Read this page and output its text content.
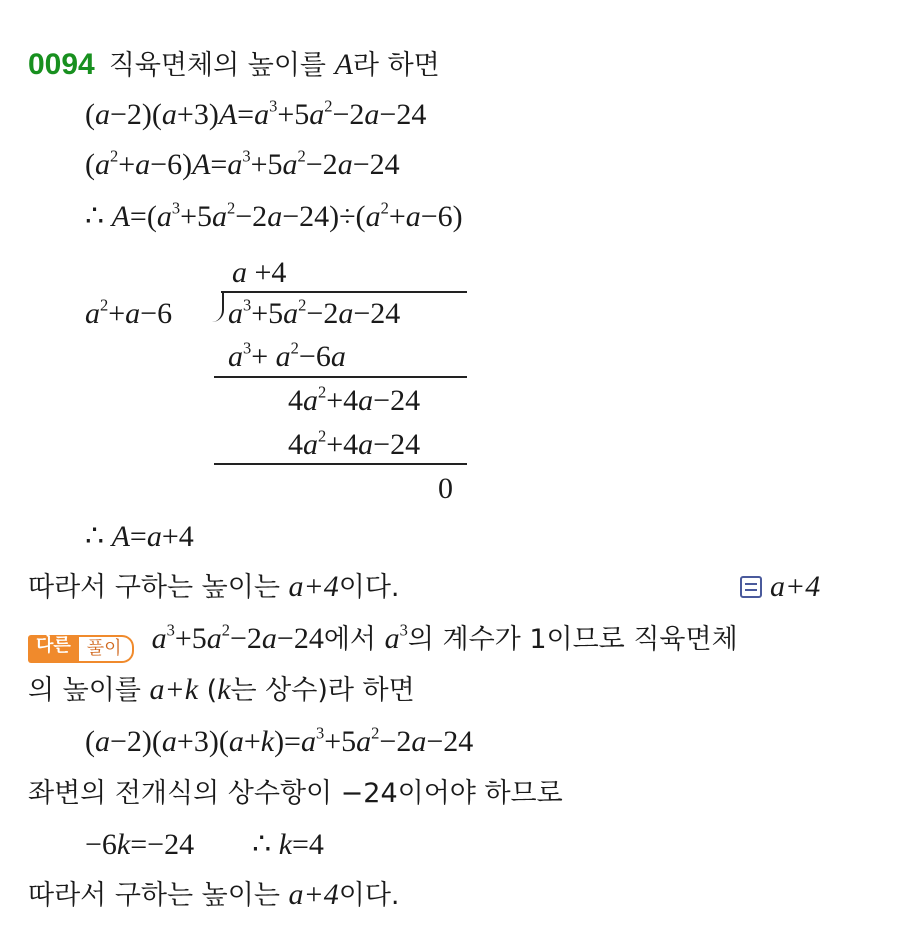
0094 직육면체의 높이를 A라 하면
$(a-2)(a+3)A=a^3+5a^2-2a-24$
$(a^2+a-6)A=a^3+5a^2-2a-24$
∴ $A=(a^3+5a^2-2a-24)\div(a^2+a-6)$
a +4
$a^2+a-6$ $a^3+5a^2-2a-24$
$a^3+ a^2-6a$
$4a^2+4a-24$
$4a^2+4a-24$
0
∴ A=a+4
따라서 구하는 높이는 a+4이다.	a+4
다른 풀이	$a^3+5a^2-2a-24$에서 $a^3$의 계수가 1이므로 직육면체
의 높이를 a+k (k는 상수)라 하면
$(a-2)(a+3)(a+k)=a^3+5a^2-2a-24$
좌변의 전개식의 상수항이 −24이어야 하므로
−6k=−24 ∴ k=4
따라서 구하는 높이는 a+4이다.
